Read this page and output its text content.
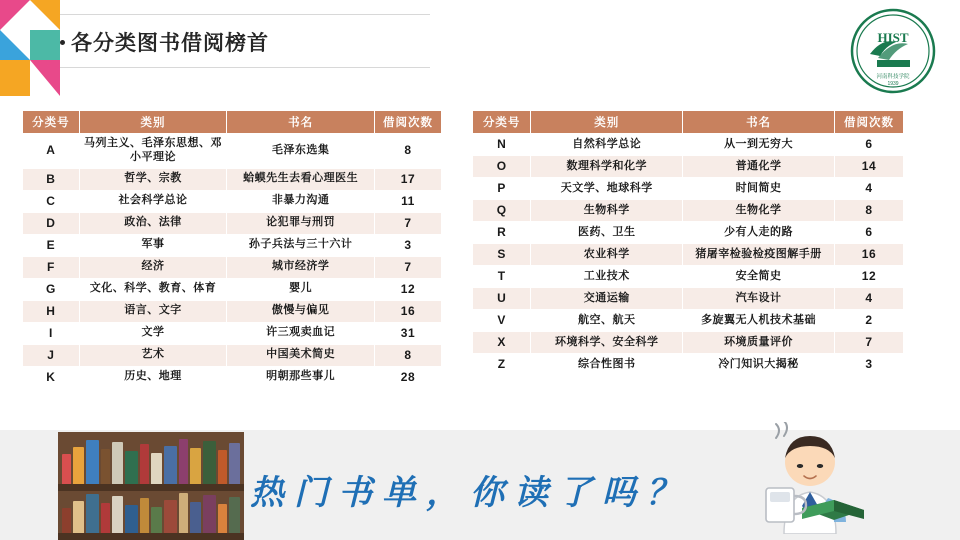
各分类图书借阅榜首	HIST
河南科技学院
1939
分类号	类别	书名	借阅次数
A	马列主义、毛泽东思想、邓小平理论	毛泽东选集	8
B	哲学、宗教	蛤蟆先生去看心理医生	17
C	社会科学总论	非暴力沟通	11
D	政治、法律	论犯罪与刑罚	7
E	军事	孙子兵法与三十六计	3
F	经济	城市经济学	7
G	文化、科学、教育、体育	婴儿	12
H	语言、文字	傲慢与偏见	16
I	文学	许三观卖血记	31
J	艺术	中国美术简史	8
K	历史、地理	明朝那些事儿	28
分类号	类别	书名	借阅次数
N	自然科学总论	从一到无穷大	6
O	数理科学和化学	普通化学	14
P	天文学、地球科学	时间简史	4
Q	生物科学	生物化学	8
R	医药、卫生	少有人走的路	6
S	农业科学	猪屠宰检验检疫图解手册	16
T	工业技术	安全简史	12
U	交通运输	汽车设计	4
V	航空、航天	多旋翼无人机技术基础	2
X	环境科学、安全科学	环境质量评价	7
Z	综合性图书	冷门知识大揭秘	3
热门书单，你读了吗？
